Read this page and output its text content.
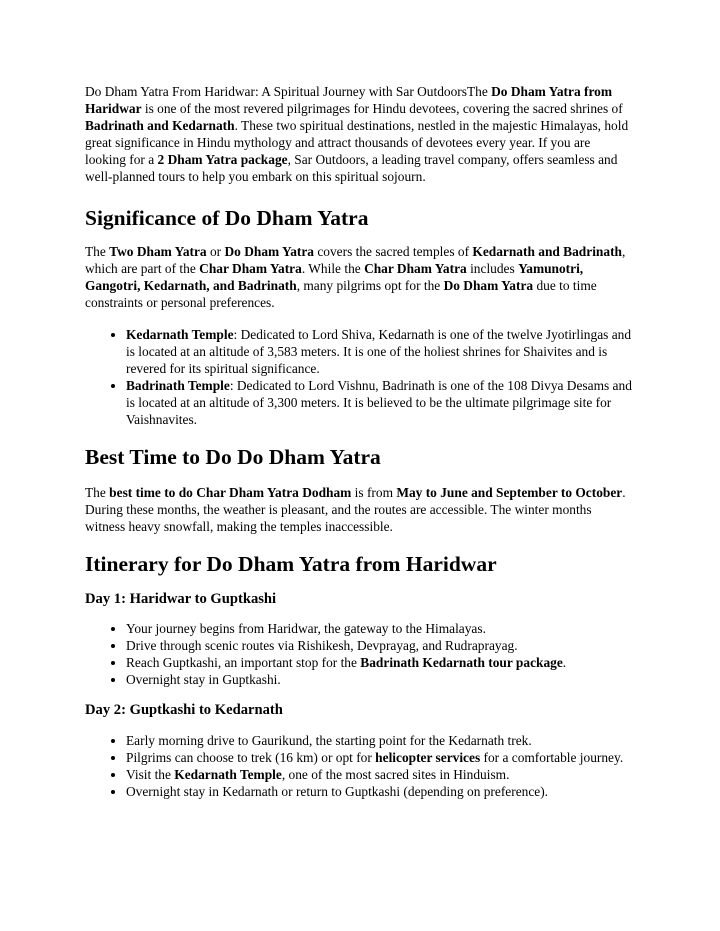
Do Dham Yatra From Haridwar: A Spiritual Journey with Sar OutdoorsThe Do Dham Yatra from Haridwar is one of the most revered pilgrimages for Hindu devotees, covering the sacred shrines of Badrinath and Kedarnath. These two spiritual destinations, nestled in the majestic Himalayas, hold great significance in Hindu mythology and attract thousands of devotees every year. If you are looking for a 2 Dham Yatra package, Sar Outdoors, a leading travel company, offers seamless and well-planned tours to help you embark on this spiritual sojourn.

Significance of Do Dham Yatra

The Two Dham Yatra or Do Dham Yatra covers the sacred temples of Kedarnath and Badrinath, which are part of the Char Dham Yatra. While the Char Dham Yatra includes Yamunotri, Gangotri, Kedarnath, and Badrinath, many pilgrims opt for the Do Dham Yatra due to time constraints or personal preferences.

• Kedarnath Temple: Dedicated to Lord Shiva, Kedarnath is one of the twelve Jyotirlingas and is located at an altitude of 3,583 meters. It is one of the holiest shrines for Shaivites and is revered for its spiritual significance.
• Badrinath Temple: Dedicated to Lord Vishnu, Badrinath is one of the 108 Divya Desams and is located at an altitude of 3,300 meters. It is believed to be the ultimate pilgrimage site for Vaishnavites.
Best Time to Do Do Dham Yatra

The best time to do Char Dham Yatra Dodham is from May to June and September to October. During these months, the weather is pleasant, and the routes are accessible. The winter months witness heavy snowfall, making the temples inaccessible.

Itinerary for Do Dham Yatra from Haridwar
Day 1: Haridwar to Guptkashi
• Your journey begins from Haridwar, the gateway to the Himalayas.
• Drive through scenic routes via Rishikesh, Devprayag, and Rudraprayag.
• Reach Guptkashi, an important stop for the Badrinath Kedarnath tour package.
• Overnight stay in Guptkashi.
Day 2: Guptkashi to Kedarnath
• Early morning drive to Gaurikund, the starting point for the Kedarnath trek.
• Pilgrims can choose to trek (16 km) or opt for helicopter services for a comfortable journey.
• Visit the Kedarnath Temple, one of the most sacred sites in Hinduism.
• Overnight stay in Kedarnath or return to Guptkashi (depending on preference).
